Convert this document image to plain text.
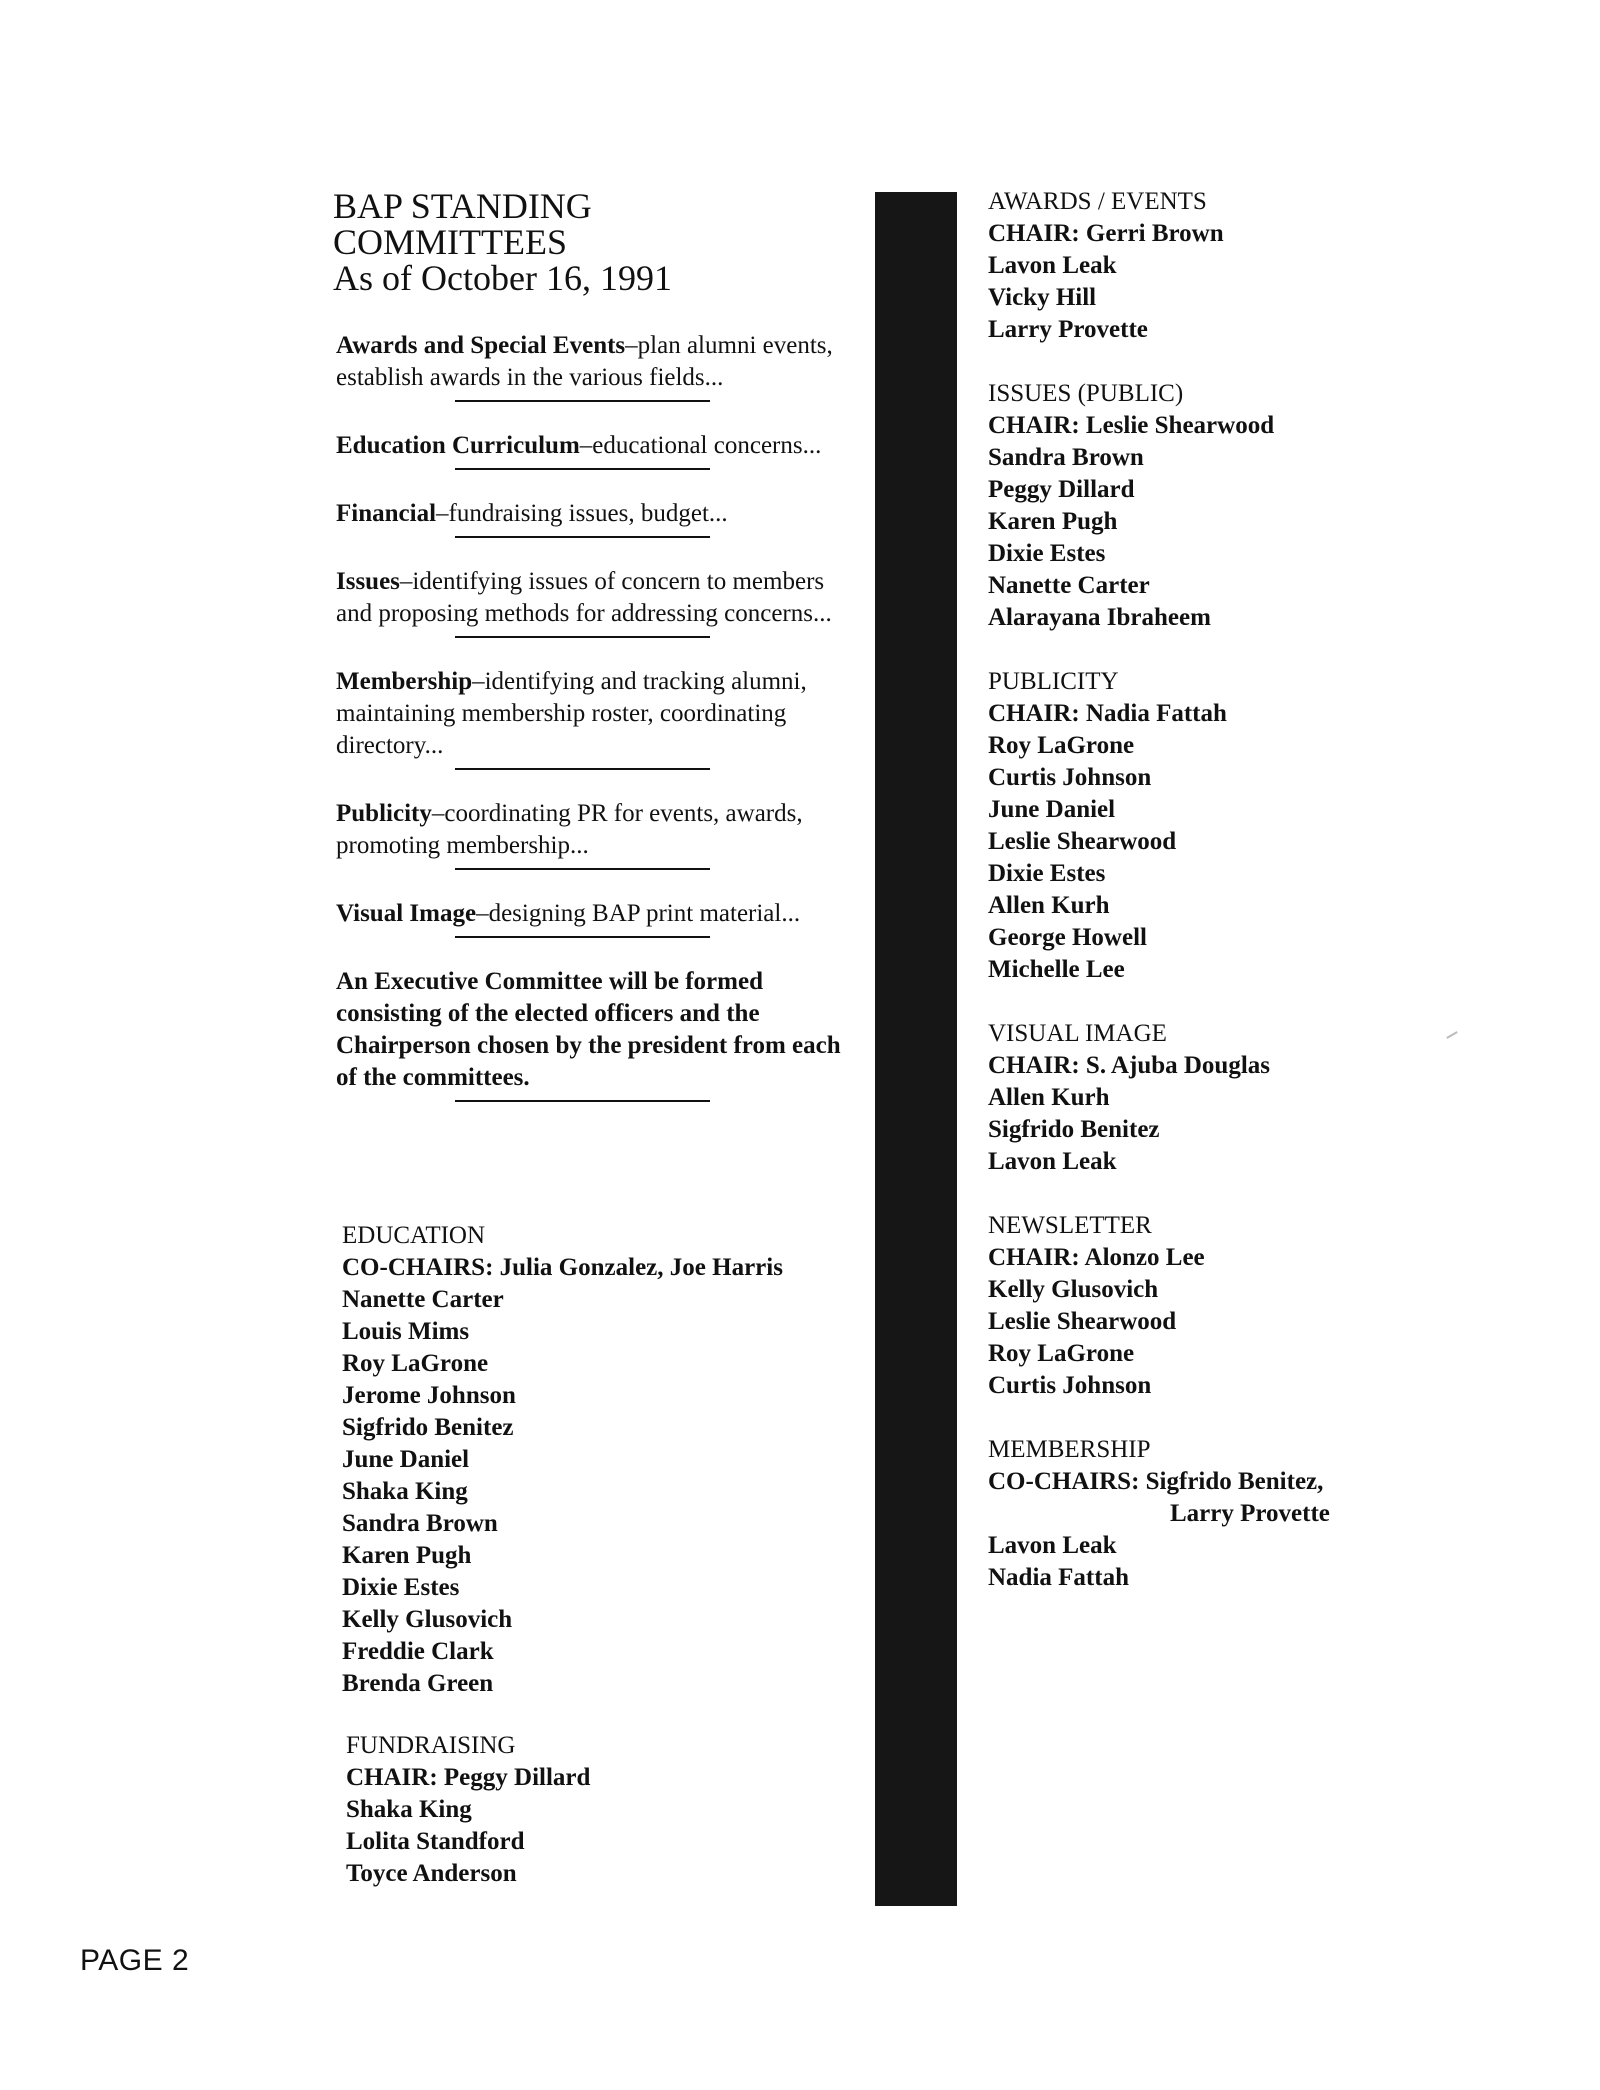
BAP STANDING
COMMITTEES
As of October 16, 1991

Awards and Special Events–plan alumni events, establish awards in the various fields...

Education Curriculum–educational concerns...

Financial–fundraising issues, budget...

Issues–identifying issues of concern to members and proposing methods for addressing concerns...

Membership–identifying and tracking alumni, maintaining membership roster, coordinating directory...

Publicity–coordinating PR for events, awards, promoting membership...

Visual Image–designing BAP print material...

An Executive Committee will be formed consisting of the elected officers and the Chairperson chosen by the president from each of the committees.

EDUCATION
CO-CHAIRS: Julia Gonzalez, Joe Harris
Nanette Carter
Louis Mims
Roy LaGrone
Jerome Johnson
Sigfrido Benitez
June Daniel
Shaka King
Sandra Brown
Karen Pugh
Dixie Estes
Kelly Glusovich
Freddie Clark
Brenda Green
FUNDRAISING
CHAIR: Peggy Dillard
Shaka King
Lolita Standford
Toyce Anderson
AWARDS / EVENTS
CHAIR: Gerri Brown
Lavon Leak
Vicky Hill
Larry Provette
ISSUES (PUBLIC)
CHAIR: Leslie Shearwood
Sandra Brown
Peggy Dillard
Karen Pugh
Dixie Estes
Nanette Carter
Alarayana Ibraheem
PUBLICITY
CHAIR: Nadia Fattah
Roy LaGrone
Curtis Johnson
June Daniel
Leslie Shearwood
Dixie Estes
Allen Kurh
George Howell
Michelle Lee
VISUAL IMAGE
CHAIR: S. Ajuba Douglas
Allen Kurh
Sigfrido Benitez
Lavon Leak
NEWSLETTER
CHAIR: Alonzo Lee
Kelly Glusovich
Leslie Shearwood
Roy LaGrone
Curtis Johnson
MEMBERSHIP
CO-CHAIRS: Sigfrido Benitez,
Larry Provette
Lavon Leak
Nadia Fattah
PAGE 2
